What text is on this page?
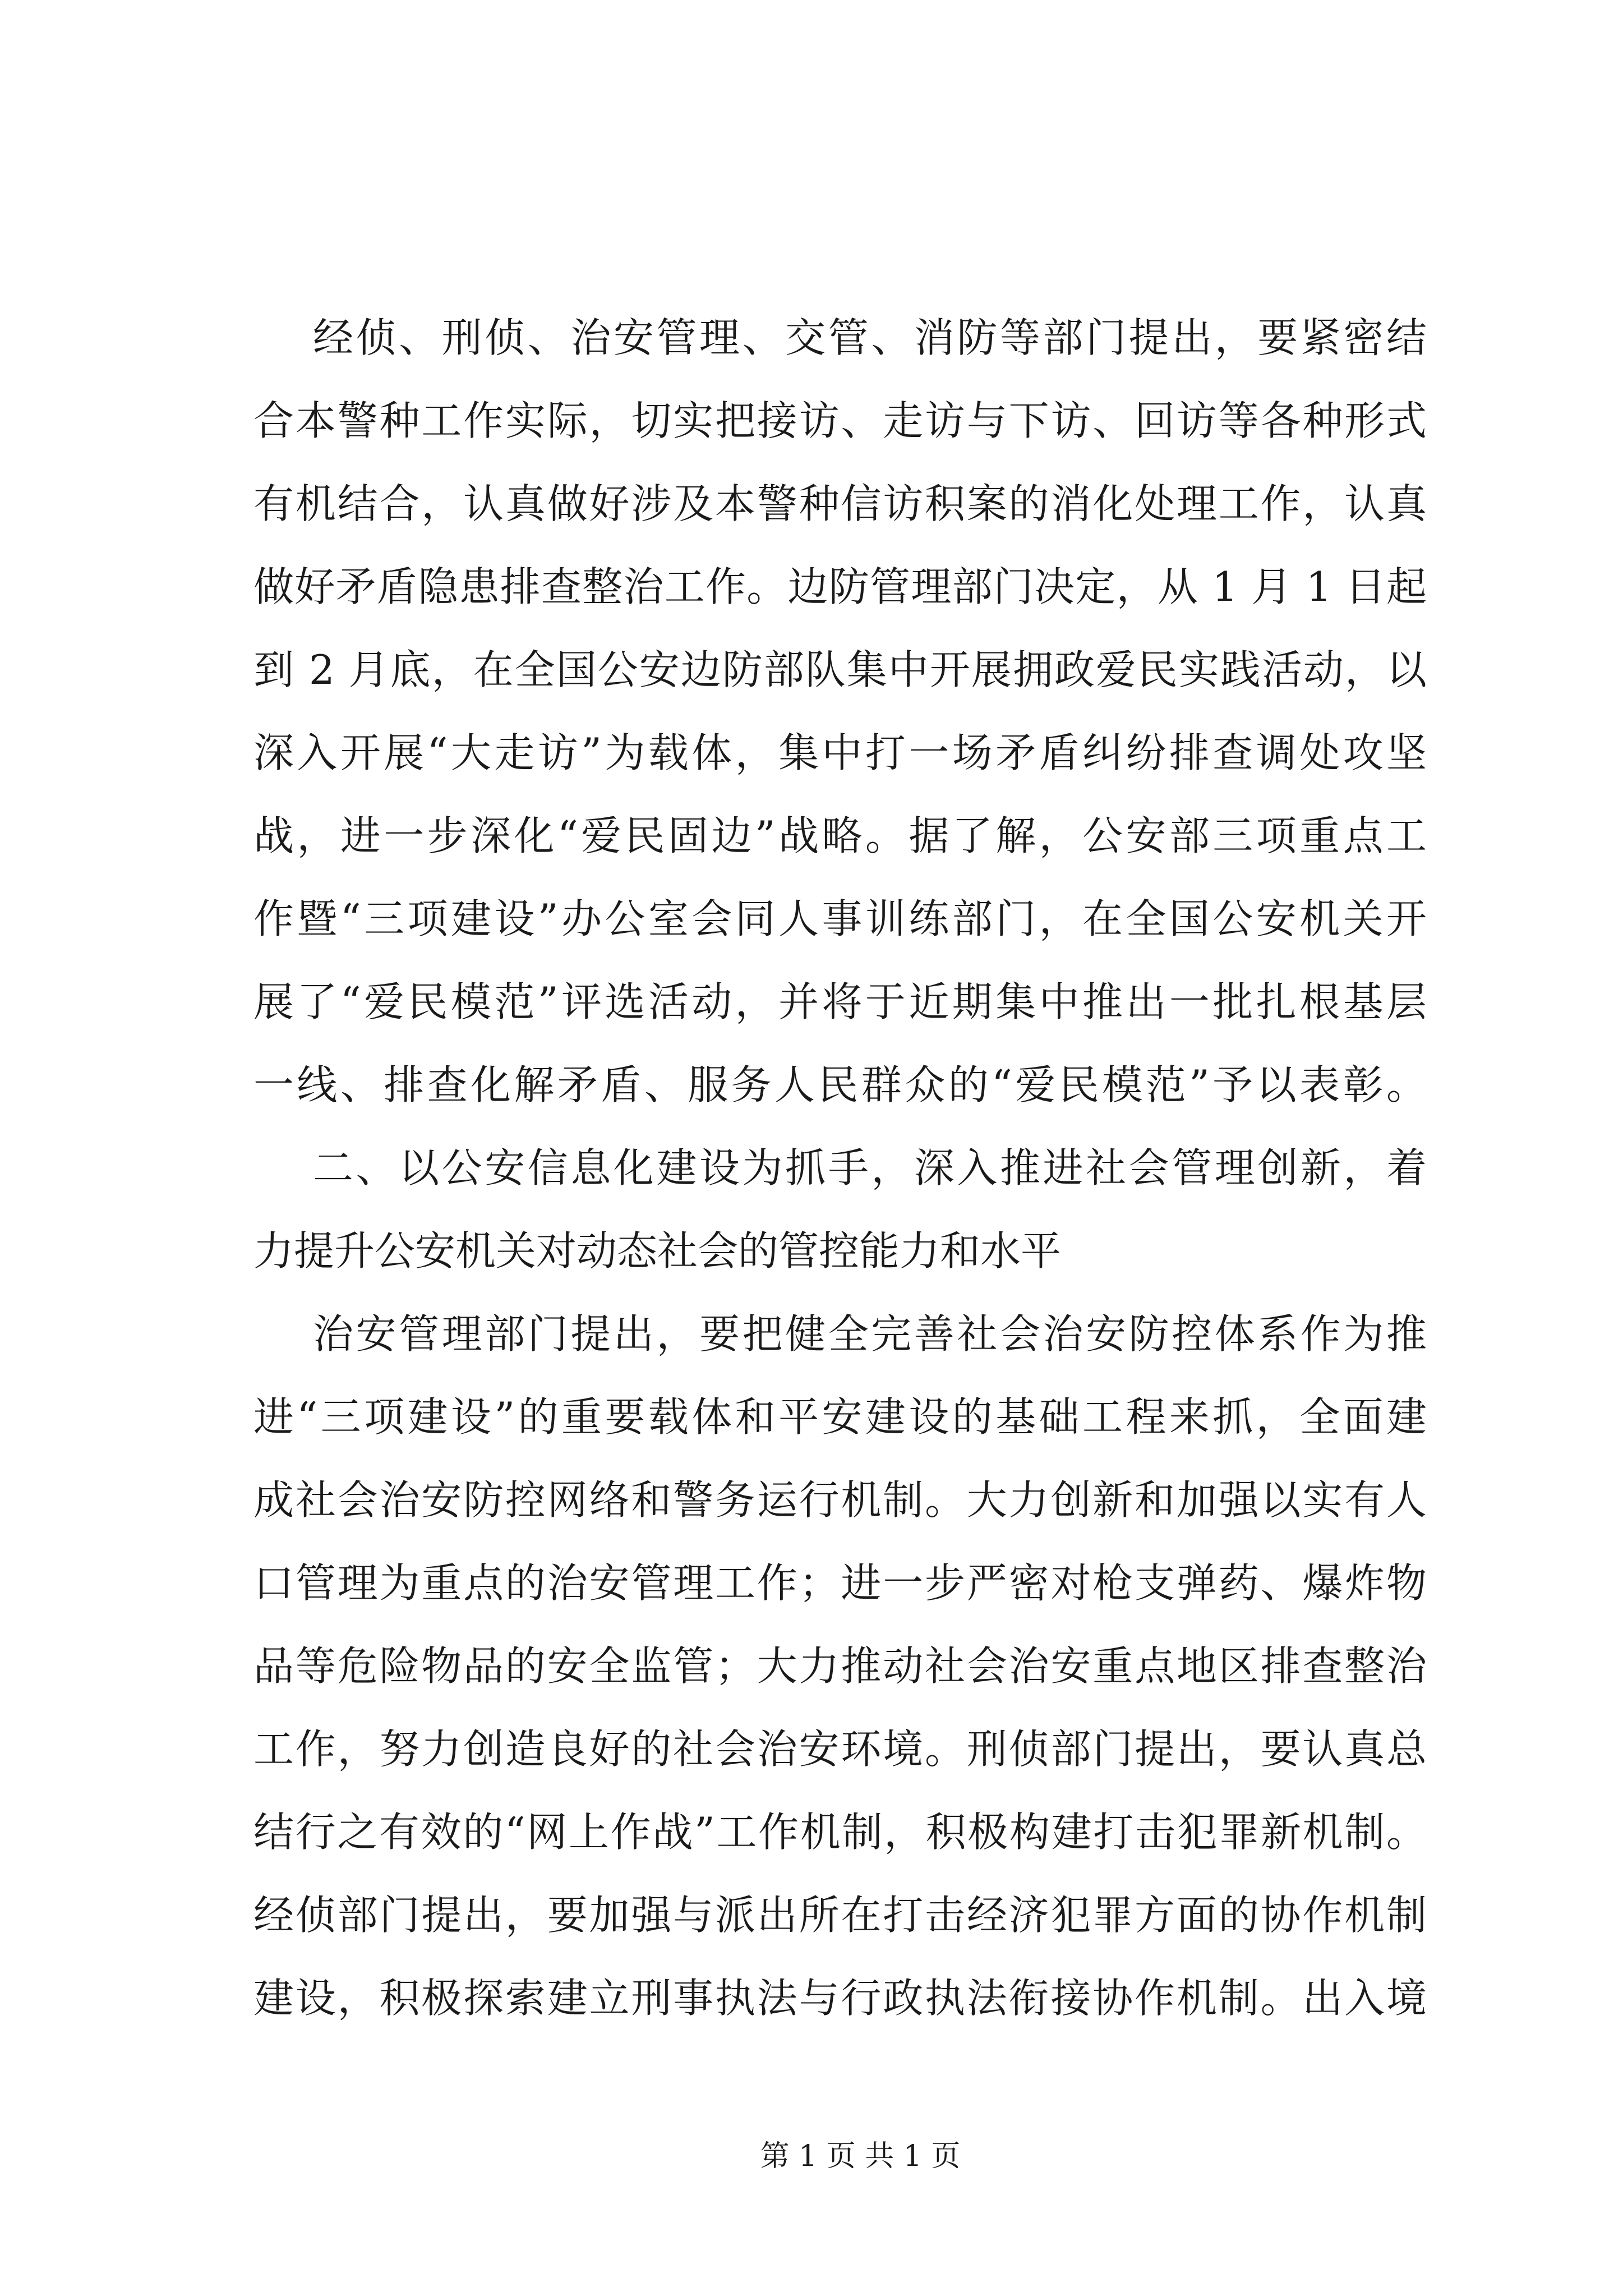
经侦、刑侦、治安管理、交管、消防等部门提出，要紧密结
合本警种工作实际，切实把接访、走访与下访、回访等各种形式
有机结合，认真做好涉及本警种信访积案的消化处理工作，认真
做好矛盾隐患排查整治工作。边防管理部门决定，从 1 月 1 日起
到 2 月底，在全国公安边防部队集中开展拥政爱民实践活动，以
深入开展“大走访”为载体，集中打一场矛盾纠纷排查调处攻坚
战，进一步深化“爱民固边”战略。据了解，公安部三项重点工
作暨“三项建设”办公室会同人事训练部门，在全国公安机关开
展了“爱民模范”评选活动，并将于近期集中推出一批扎根基层
一线、排查化解矛盾、服务人民群众的“爱民模范”予以表彰。
二、以公安信息化建设为抓手，深入推进社会管理创新，着
力提升公安机关对动态社会的管控能力和水平
治安管理部门提出，要把健全完善社会治安防控体系作为推
进“三项建设”的重要载体和平安建设的基础工程来抓，全面建
成社会治安防控网络和警务运行机制。大力创新和加强以实有人
口管理为重点的治安管理工作；进一步严密对枪支弹药、爆炸物
品等危险物品的安全监管；大力推动社会治安重点地区排查整治
工作，努力创造良好的社会治安环境。刑侦部门提出，要认真总
结行之有效的“网上作战”工作机制，积极构建打击犯罪新机制。
经侦部门提出，要加强与派出所在打击经济犯罪方面的协作机制
建设，积极探索建立刑事执法与行政执法衔接协作机制。出入境
第 1 页 共 1 页
